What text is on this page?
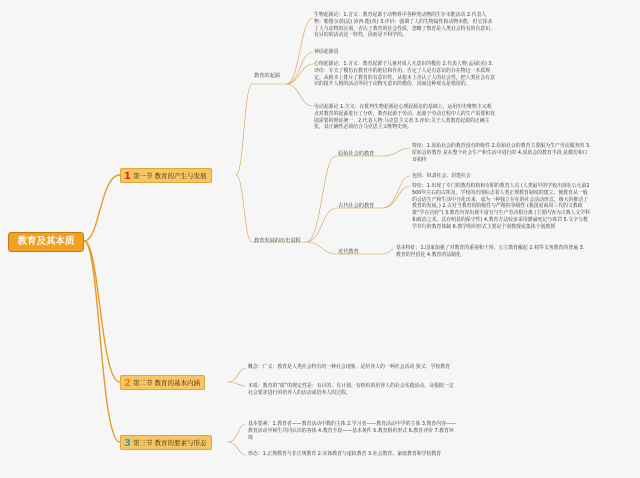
教育及其本质
1 第一节 教育的产生与发展
2 第二节 教育的基本内涵
3 第三节 教育的要素与形态
教育的起源
生物起源论：1.含义：教育起源于动物界中各种类动物的生存本能活动 2.代表人物：勒图尔诺(法) 沛西·能(英) 3.评价：强调了人的生物属性和动物本能，但它抹杀了人与动物的区别，否认了教育的社会性质，忽略了教育是人类社会特有的有意识、有目的的活动这一特性，因而是不科学的。
神话起源说
心理起源论：1.含义：教育起源于儿童对成人无意识的模仿 2.代表人物:孟禄(美) 3.评价：专夫了模仿在教育中的地位和作用。否定了人是有意识的存在物这一本质规定。从根本上排斥了教育的有意识性，从根本上否认了人的社会性，把人类社会有意识的提升人格的活动等同于动物无意识的模仿，因而这种观点是错误的。
劳动起源论 1.含义：在批判生物起源论心理起源论的基础上，运用历史唯物主义观点对教育的起源进行了分析，教育起源于劳动，起源于劳动过程中人的生产需要和发展需要的辩证统一。2.代表人物:马克思主义者 3.评价:关于人类教育起源的正确主张，其正确性必须结合马克思主义唯物史观。
教育发展的历史进程
原始社会的教育
特征：1.原始社会的教育没有阶级性 2.原始社会的教育主要服为生产劳动服务的 3.原始会的教育 是在整个社会生产和生活中进行的 4.原始会的教育手段 是模仿和口耳相传
古代社会的教育
包括：奴隶社会、封建社会
特征：1.出现了专门的教育机构和专职的教育人员 (人类最早的学校出现在公元前2500年左右的古埃及。学校的出现标志着人类正规教育制度的建立。便教育从一般的会话生产和生活中分化出来，成为一种独立存在的社会活动形式，极大的推动了教育的发展。) 2.古对当教育的阶级性与严格的等级性 (我国夏商周三代的文教政策“学在官府”) 3.教育内容出现丰富且与生产劳动相分离 (主要内容为古典人文学科和政治之术，具有明显的保守性) 4.教育方法较多采用灌诵死记与体罚 5.文字与教学并行的教育体制 6.教学组织形式主要是个别教授或集体个别教授
近代教育
基本特征：1.国家加强了对教育的重视和干预，公立教育崛起 2.初等义务教育的普遍 3.教育的世俗化 4.教育的法制化
概念：广义：教育是人类社会特有的一种社会现象，是培养人的一种社会活动 狭义：学校教育
本质：教育的“质”的规定性是：有目的、有计划、有组织的培养人的社会实践活动，及根据一定社会要求进行的培养人的活动或培养人的过程。
基本要素：1.教育者——教育活动中教的主体 2.学习者——教育活动中学的主体 3.教育内容——教育活动中师生共同认识的客体 4.教育手段——基本条件 5.教育组织形式 6.教育评价 7.教育环境
形态：1.正规教育与非正规教育 2.实体教育与虚拟教育 3.社会教育、家庭教育和学校教育
